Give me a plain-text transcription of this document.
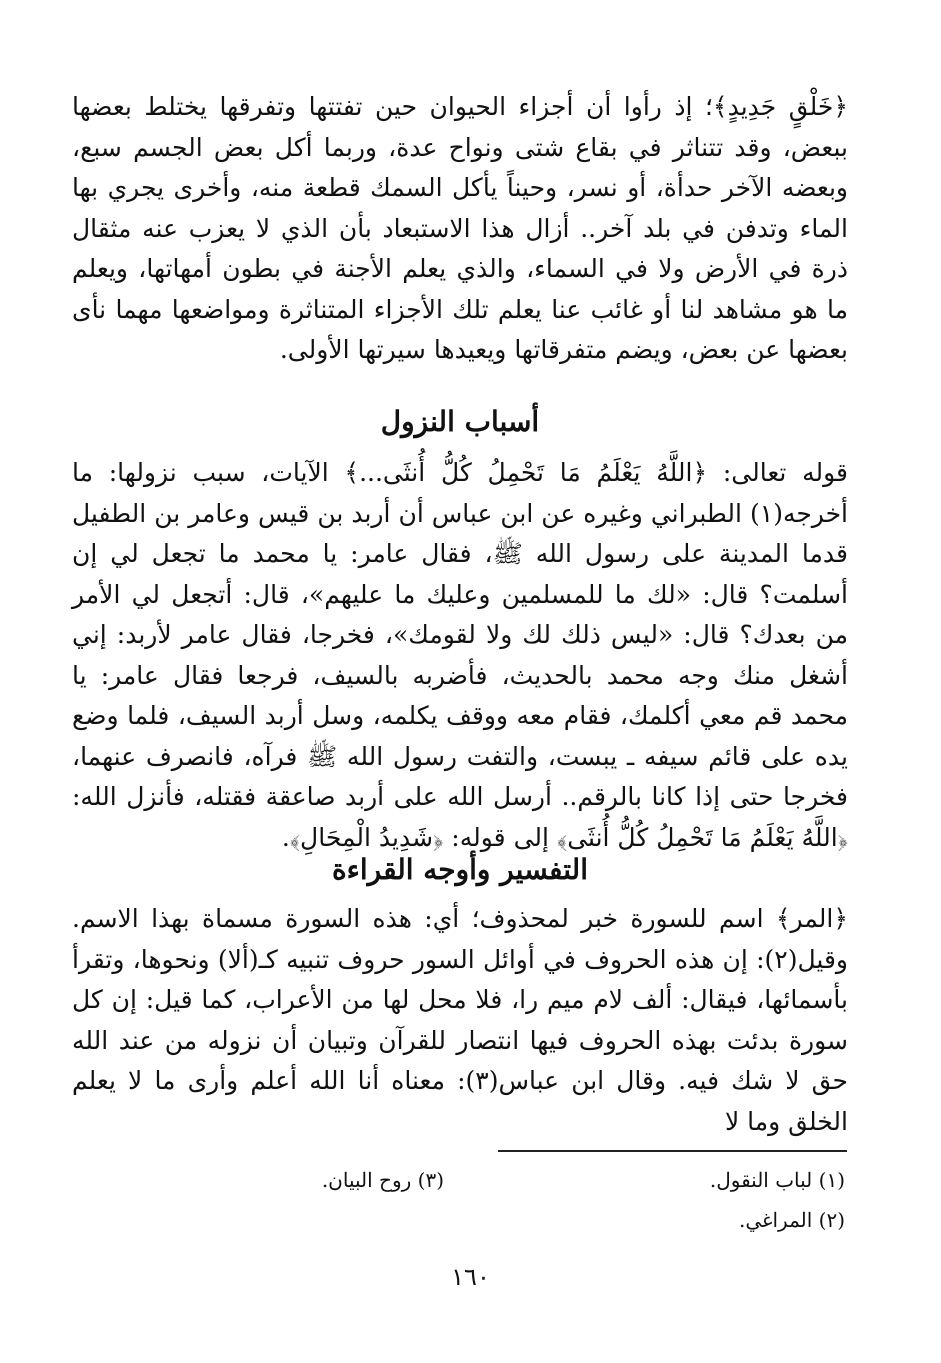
﴿خَلْقٍ جَدِيدٍ﴾؛ إذ رأوا أن أجزاء الحيوان حين تفتتها وتفرقها يختلط بعضها ببعض، وقد تتناثر في بقاع شتى ونواح عدة، وربما أكل بعض الجسم سبع، وبعضه الآخر حدأة، أو نسر، وحيناً يأكل السمك قطعة منه، وأخرى يجري بها الماء وتدفن في بلد آخر.. أزال هذا الاستبعاد بأن الذي لا يعزب عنه مثقال ذرة في الأرض ولا في السماء، والذي يعلم الأجنة في بطون أمهاتها، ويعلم ما هو مشاهد لنا أو غائب عنا يعلم تلك الأجزاء المتناثرة ومواضعها مهما نأى بعضها عن بعض، ويضم متفرقاتها ويعيدها سيرتها الأولى.

أسباب النزول

قوله تعالى: ﴿اللَّهُ يَعْلَمُ مَا تَحْمِلُ كُلُّ أُنثَى...﴾ الآيات، سبب نزولها: ما أخرجه(١) الطبراني وغيره عن ابن عباس أن أربد بن قيس وعامر بن الطفيل قدما المدينة على رسول الله ﷺ، فقال عامر: يا محمد ما تجعل لي إن أسلمت؟ قال: «لك ما للمسلمين وعليك ما عليهم»، قال: أتجعل لي الأمر من بعدك؟ قال: «ليس ذلك لك ولا لقومك»، فخرجا، فقال عامر لأربد: إني أشغل منك وجه محمد بالحديث، فأضربه بالسيف، فرجعا فقال عامر: يا محمد قم معي أكلمك، فقام معه ووقف يكلمه، وسل أربد السيف، فلما وضع يده على قائم سيفه ـ يبست، والتفت رسول الله ﷺ فرآه، فانصرف عنهما، فخرجا حتى إذا كانا بالرقم.. أرسل الله على أربد صاعقة فقتله، فأنزل الله: ﴿اللَّهُ يَعْلَمُ مَا تَحْمِلُ كُلُّ أُنثَى﴾ إلى قوله: ﴿شَدِيدُ الْمِحَالِ﴾.

التفسير وأوجه القراءة

﴿المر﴾ اسم للسورة خبر لمحذوف؛ أي: هذه السورة مسماة بهذا الاسم. وقيل(٢): إن هذه الحروف في أوائل السور حروف تنبيه كـ(ألا) ونحوها، وتقرأ بأسمائها، فيقال: ألف لام ميم را، فلا محل لها من الأعراب، كما قيل: إن كل سورة بدئت بهذه الحروف فيها انتصار للقرآن وتبيان أن نزوله من عند الله حق لا شك فيه. وقال ابن عباس(٣): معناه أنا الله أعلم وأرى ما لا يعلم الخلق وما لا

(١) لباب النقول.
(٣) روح البيان.
(٢) المراغي.
١٦٠
